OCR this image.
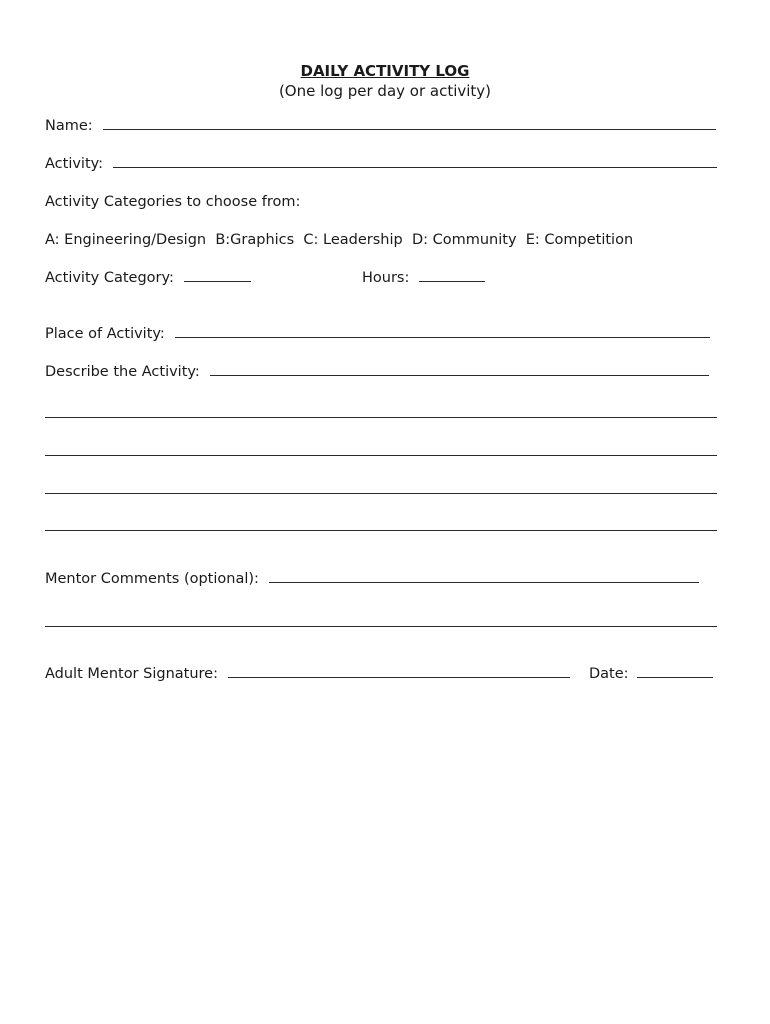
DAILY ACTIVITY LOG
(One log per day or activity)
Name:
Activity:
Activity Categories to choose from:
A: Engineering/Design  B:Graphics  C: Leadership  D: Community  E: Competition
Activity Category:	Hours:
Place of Activity:
Describe the Activity:
Mentor Comments (optional):
Adult Mentor Signature:	Date:
